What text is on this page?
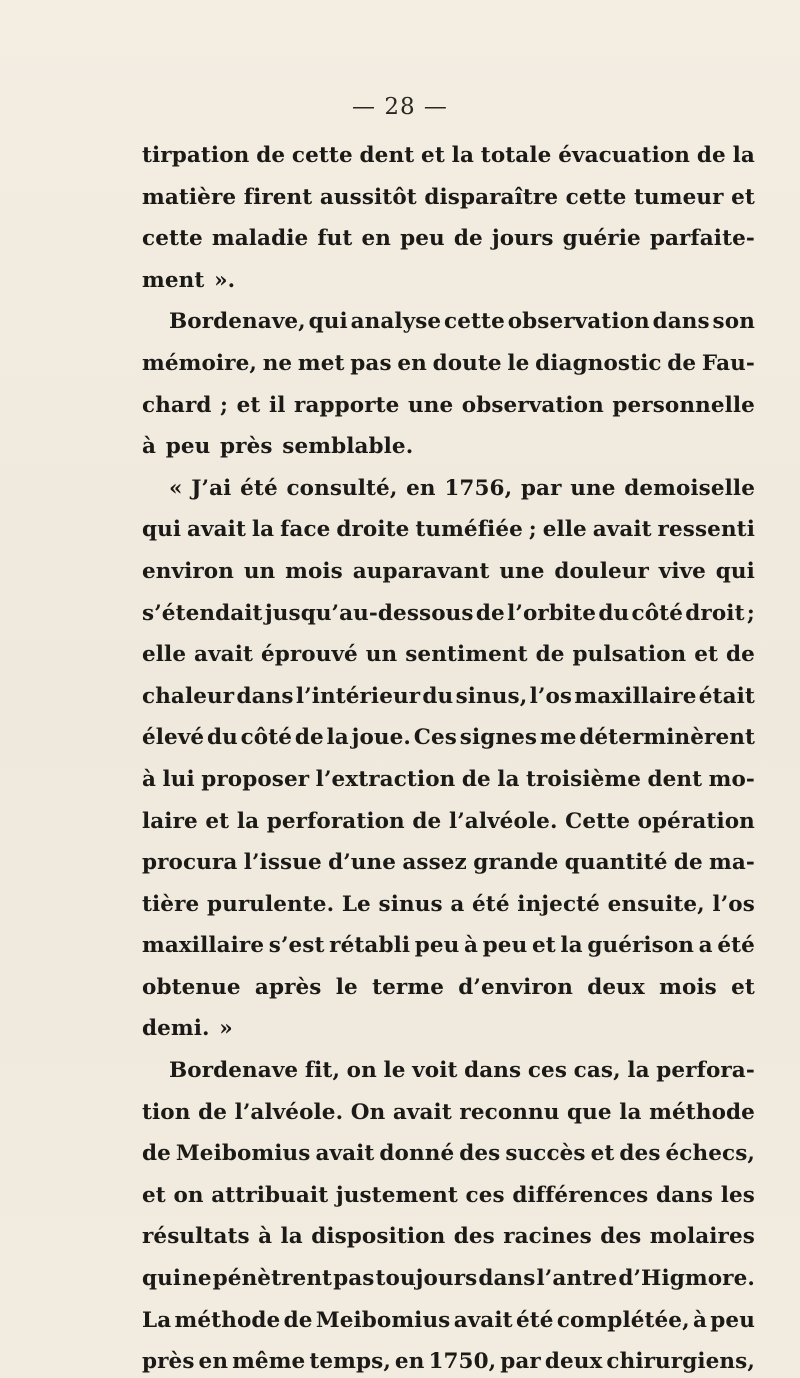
— 28 —
tirpation de cette dent et la totale évacuation de la
matière firent aussitôt disparaître cette tumeur et
cette maladie fut en peu de jours guérie parfaite-
ment ».
Bordenave, qui analyse cette observation dans son
mémoire, ne met pas en doute le diagnostic de Fau-
chard ; et il rapporte une observation personnelle
à peu près semblable.
« J’ai été consulté, en 1756, par une demoiselle
qui avait la face droite tuméfiée ; elle avait ressenti
environ un mois auparavant une douleur vive qui
s’étendait jusqu’au-dessous de l’orbite du côté droit ;
elle avait éprouvé un sentiment de pulsation et de
chaleur dans l’intérieur du sinus, l’os maxillaire était
élevé du côté de la joue. Ces signes me déterminèrent
à lui proposer l’extraction de la troisième dent mo-
laire et la perforation de l’alvéole. Cette opération
procura l’issue d’une assez grande quantité de ma-
tière purulente. Le sinus a été injecté ensuite, l’os
maxillaire s’est rétabli peu à peu et la guérison a été
obtenue après le terme d’environ deux mois et
demi. »
Bordenave fit, on le voit dans ces cas, la perfora-
tion de l’alvéole. On avait reconnu que la méthode
de Meibomius avait donné des succès et des échecs,
et on attribuait justement ces différences dans les
résultats à la disposition des racines des molaires
qui ne pénètrent pas toujours dans l’antre d’Higmore.
La méthode de Meibomius avait été complétée, à peu
près en même temps, en 1750, par deux chirurgiens,
